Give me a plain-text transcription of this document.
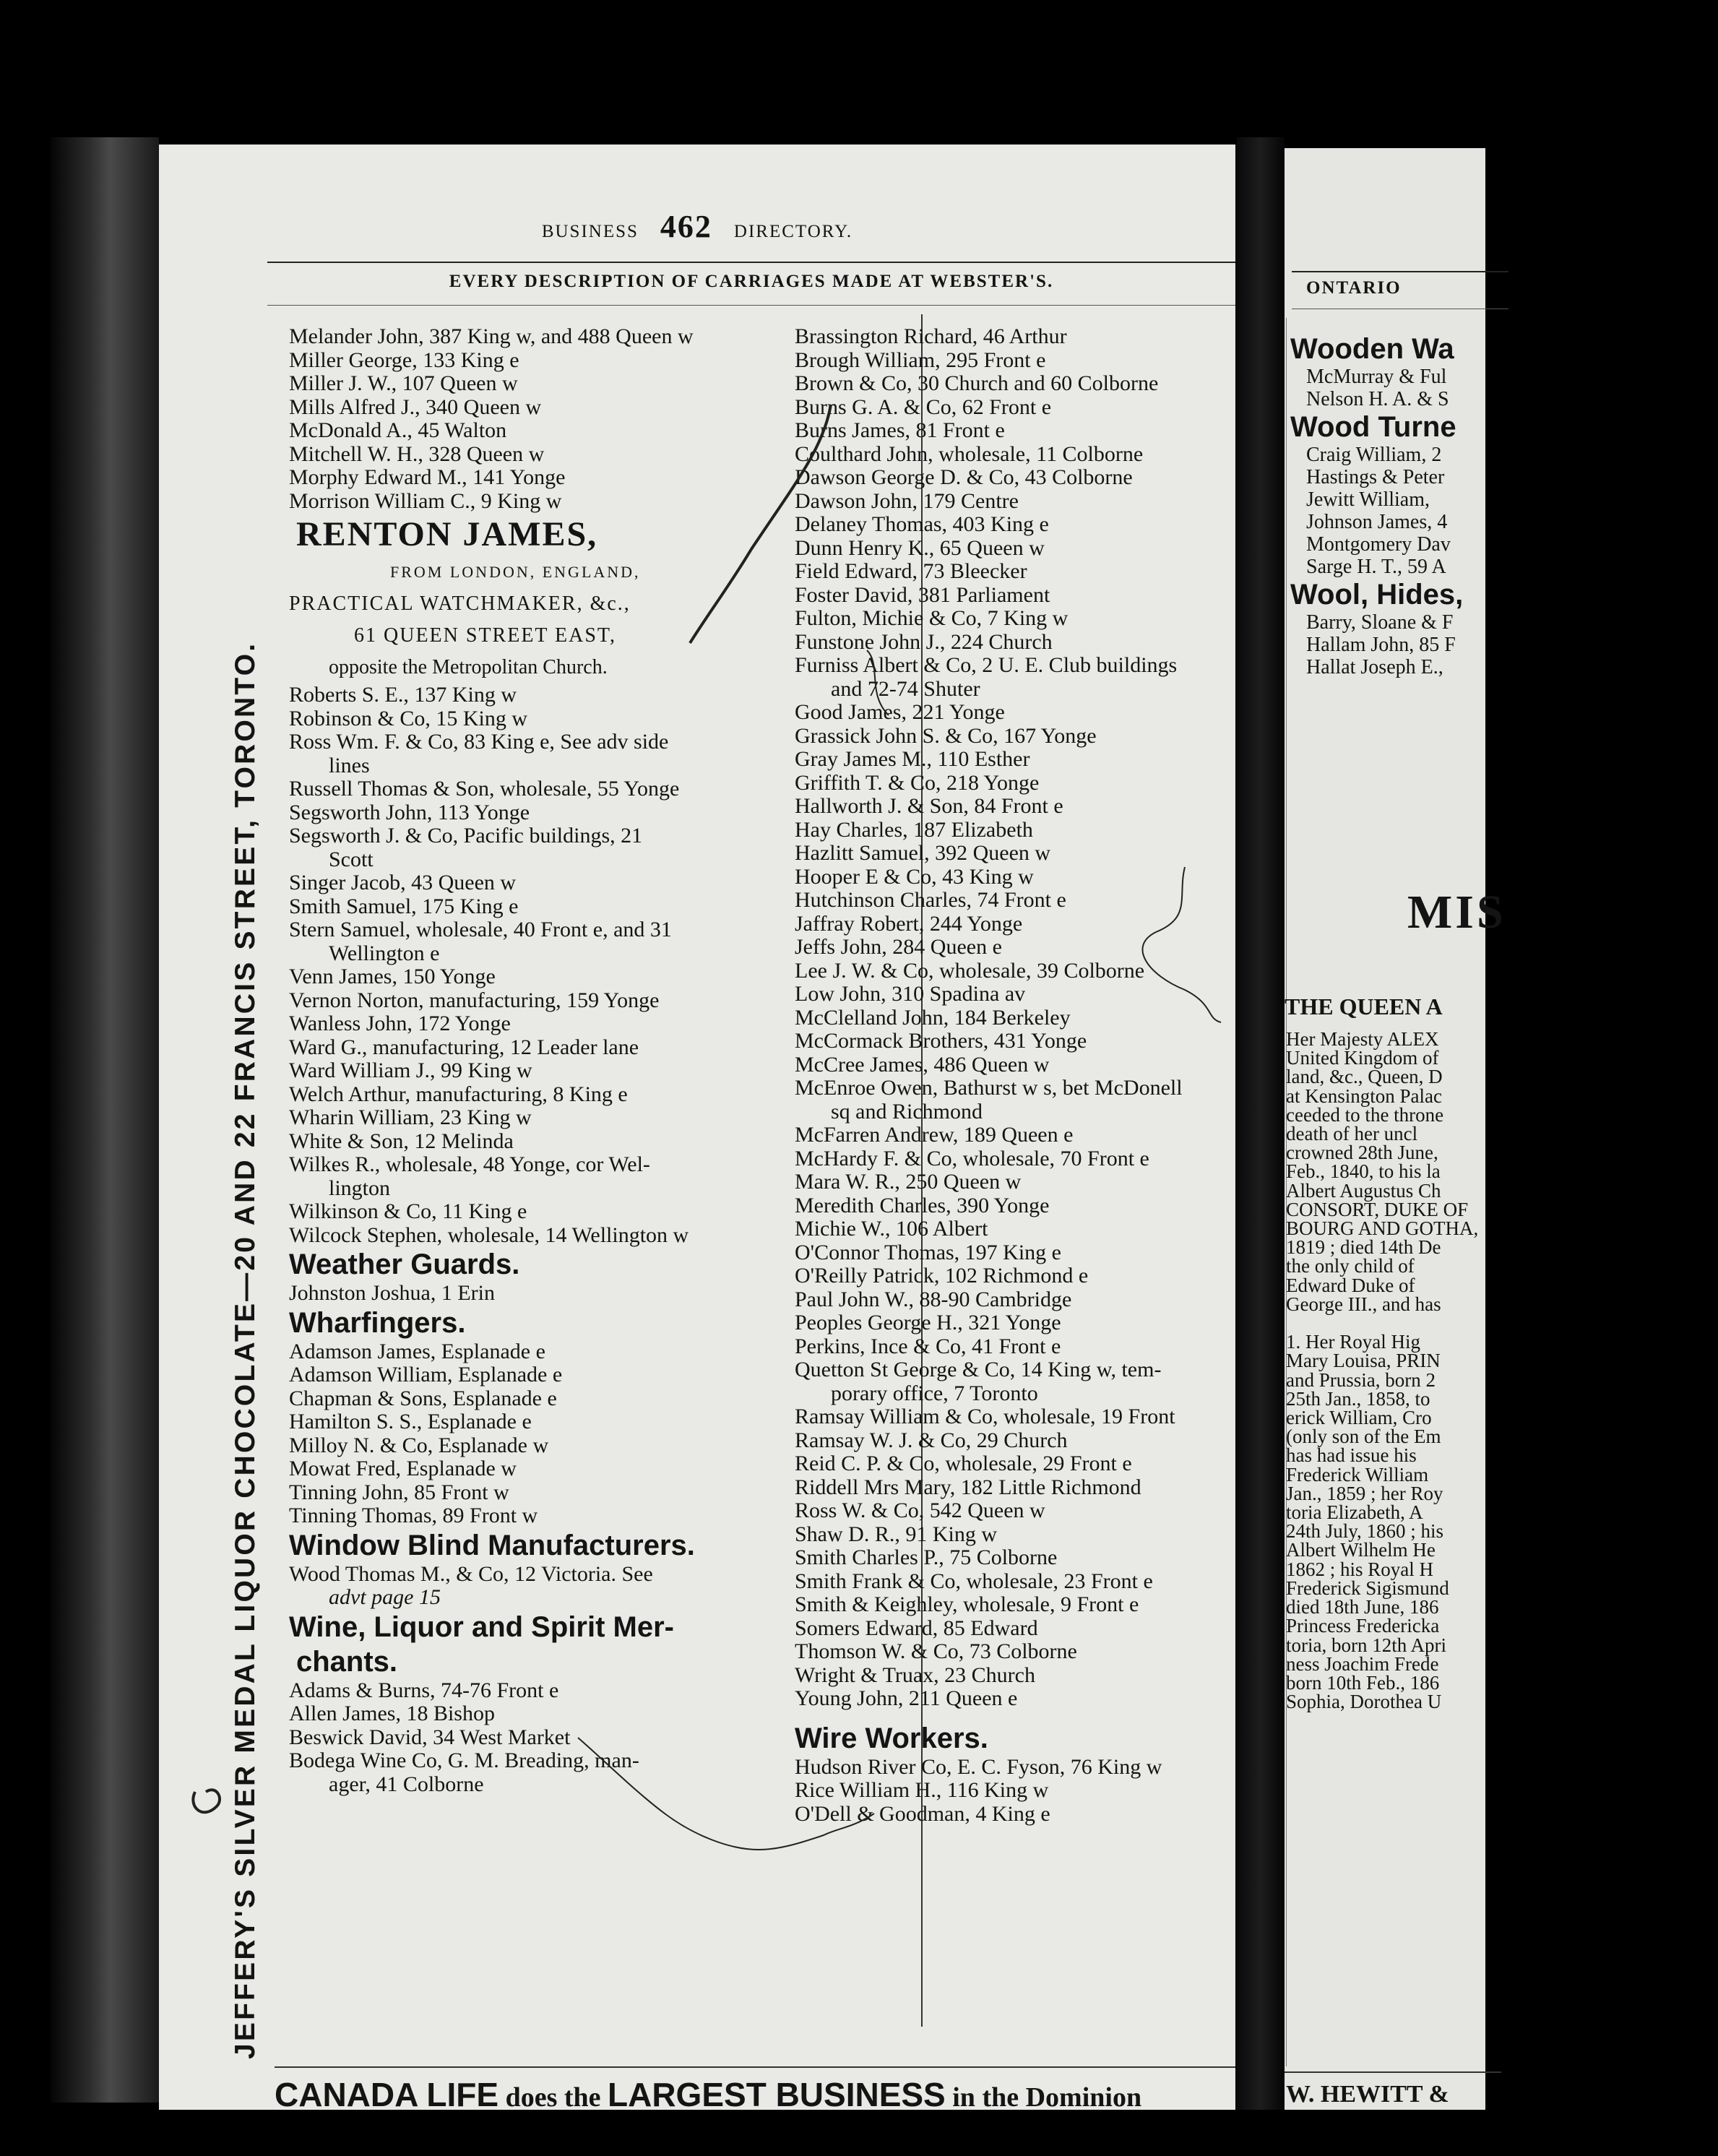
BUSINESS 462 DIRECTORY.
EVERY DESCRIPTION OF CARRIAGES MADE AT WEBSTER'S.
JEFFERY'S SILVER MEDAL LIQUOR CHOCOLATE—20 AND 22 FRANCIS STREET, TORONTO.
Melander John, 387 King w, and 488 Queen w
Miller George, 133 King e
Miller J. W., 107 Queen w
Mills Alfred J., 340 Queen w
McDonald A., 45 Walton
Mitchell W. H., 328 Queen w
Morphy Edward M., 141 Yonge
Morrison William C., 9 King w
RENTON JAMES,
FROM LONDON, ENGLAND,
PRACTICAL WATCHMAKER, &c.,
61 QUEEN STREET EAST,
opposite the Metropolitan Church.
Roberts S. E., 137 King w
Robinson & Co, 15 King w
Ross Wm. F. & Co, 83 King e, See adv side
lines
Russell Thomas & Son, wholesale, 55 Yonge
Segsworth John, 113 Yonge
Segsworth J. & Co, Pacific buildings, 21
Scott
Singer Jacob, 43 Queen w
Smith Samuel, 175 King e
Stern Samuel, wholesale, 40 Front e, and 31
Wellington e
Venn James, 150 Yonge
Vernon Norton, manufacturing, 159 Yonge
Wanless John, 172 Yonge
Ward G., manufacturing, 12 Leader lane
Ward William J., 99 King w
Welch Arthur, manufacturing, 8 King e
Wharin William, 23 King w
White & Son, 12 Melinda
Wilkes R., wholesale, 48 Yonge, cor Wel-
lington
Wilkinson & Co, 11 King e
Wilcock Stephen, wholesale, 14 Wellington w
Weather Guards.
Johnston Joshua, 1 Erin
Wharfingers.
Adamson James, Esplanade e
Adamson William, Esplanade e
Chapman & Sons, Esplanade e
Hamilton S. S., Esplanade e
Milloy N. & Co, Esplanade w
Mowat Fred, Esplanade w
Tinning John, 85 Front w
Tinning Thomas, 89 Front w
Window Blind Manufacturers.
Wood Thomas M., & Co, 12 Victoria. See
advt page 15
Wine, Liquor and Spirit Mer-
chants.
Adams & Burns, 74-76 Front e
Allen James, 18 Bishop
Beswick David, 34 West Market
Bodega Wine Co, G. M. Breading, man-
ager, 41 Colborne
Brassington Richard, 46 Arthur
Brough William, 295 Front e
Brown & Co, 30 Church and 60 Colborne
Burns G. A. & Co, 62 Front e
Burns James, 81 Front e
Coulthard John, wholesale, 11 Colborne
Dawson George D. & Co, 43 Colborne
Dawson John, 179 Centre
Delaney Thomas, 403 King e
Dunn Henry K., 65 Queen w
Field Edward, 73 Bleecker
Foster David, 381 Parliament
Fulton, Michie & Co, 7 King w
Funstone John J., 224 Church
Furniss Albert & Co, 2 U. E. Club buildings
and 72-74 Shuter
Good James, 221 Yonge
Grassick John S. & Co, 167 Yonge
Gray James M., 110 Esther
Griffith T. & Co, 218 Yonge
Hallworth J. & Son, 84 Front e
Hay Charles, 187 Elizabeth
Hazlitt Samuel, 392 Queen w
Hooper E & Co, 43 King w
Hutchinson Charles, 74 Front e
Jaffray Robert, 244 Yonge
Jeffs John, 284 Queen e
Lee J. W. & Co, wholesale, 39 Colborne
Low John, 310 Spadina av
McClelland John, 184 Berkeley
McCormack Brothers, 431 Yonge
McCree James, 486 Queen w
McEnroe Owen, Bathurst w s, bet McDonell
sq and Richmond
McFarren Andrew, 189 Queen e
McHardy F. & Co, wholesale, 70 Front e
Mara W. R., 250 Queen w
Meredith Charles, 390 Yonge
Michie W., 106 Albert
O'Connor Thomas, 197 King e
O'Reilly Patrick, 102 Richmond e
Paul John W., 88-90 Cambridge
Peoples George H., 321 Yonge
Perkins, Ince & Co, 41 Front e
Quetton St George & Co, 14 King w, tem-
porary office, 7 Toronto
Ramsay William & Co, wholesale, 19 Front
Ramsay W. J. & Co, 29 Church
Reid C. P. & Co, wholesale, 29 Front e
Riddell Mrs Mary, 182 Little Richmond
Ross W. & Co, 542 Queen w
Shaw D. R., 91 King w
Smith Charles P., 75 Colborne
Smith Frank & Co, wholesale, 23 Front e
Smith & Keighley, wholesale, 9 Front e
Somers Edward, 85 Edward
Thomson W. & Co, 73 Colborne
Wright & Truax, 23 Church
Young John, 211 Queen e
Wire Workers.
Hudson River Co, E. C. Fyson, 76 King w
Rice William H., 116 King w
O'Dell & Goodman, 4 King e
CANADA LIFE does the LARGEST BUSINESS in the Dominion
ONTARIO
Wooden Wa
McMurray & Ful
Nelson H. A. & S
Wood Turne
Craig William, 2
Hastings & Peter
Jewitt William,
Johnson James, 4
Montgomery Dav
Sarge H. T., 59 A
Wool, Hides,
Barry, Sloane & F
Hallam John, 85 F
Hallat Joseph E.,
MIS
THE QUEEN A
Her Majesty ALEX
United Kingdom of
land, &c., Queen, D
at Kensington Palac
ceeded to the throne
death of her uncl
crowned 28th June,
Feb., 1840, to his la
Albert Augustus Ch
CONSORT, DUKE OF
BOURG AND GOTHA,
1819 ; died 14th De
the only child of
Edward Duke of
George III., and has

1. Her Royal Hig
Mary Louisa, PRIN
and Prussia, born 2
25th Jan., 1858, to
erick William, Cro
(only son of the Em
has had issue his
Frederick William
Jan., 1859 ; her Roy
toria Elizabeth, A
24th July, 1860 ; his
Albert Wilhelm He
1862 ; his Royal H
Frederick Sigismund
died 18th June, 186
Princess Fredericka
toria, born 12th Apri
ness Joachim Frede
born 10th Feb., 186
Sophia, Dorothea U
W. HEWITT &
